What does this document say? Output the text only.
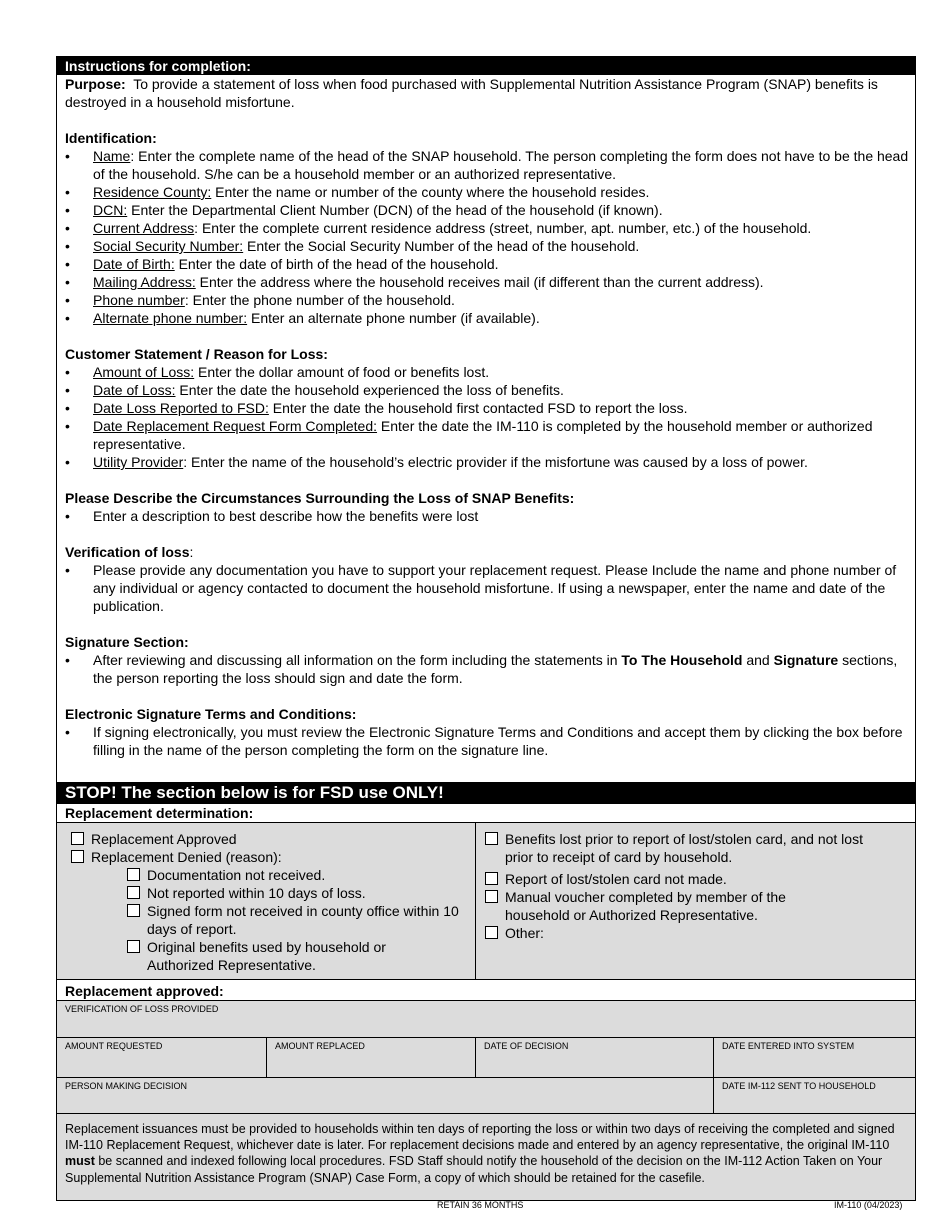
Instructions for completion:

Purpose: To provide a statement of loss when food purchased with Supplemental Nutrition Assistance Program (SNAP) benefits is destroyed in a household misfortune.

Identification:

•	Name: Enter the complete name of the head of the SNAP household. The person completing the form does not have to be the head of the household. S/he can be a household member or an authorized representative.
•	Residence County: Enter the name or number of the county where the household resides.
•	DCN: Enter the Departmental Client Number (DCN) of the head of the household (if known).
•	Current Address: Enter the complete current residence address (street, number, apt. number, etc.) of the household.
•	Social Security Number: Enter the Social Security Number of the head of the household.
•	Date of Birth: Enter the date of birth of the head of the household.
•	Mailing Address: Enter the address where the household receives mail (if different than the current address).
•	Phone number: Enter the phone number of the household.
•	Alternate phone number: Enter an alternate phone number (if available).

Customer Statement / Reason for Loss:

•	Amount of Loss: Enter the dollar amount of food or benefits lost.
•	Date of Loss: Enter the date the household experienced the loss of benefits.
•	Date Loss Reported to FSD: Enter the date the household first contacted FSD to report the loss.
•	Date Replacement Request Form Completed: Enter the date the IM-110 is completed by the household member or authorized representative.
•	Utility Provider: Enter the name of the household’s electric provider if the misfortune was caused by a loss of power.

Please Describe the Circumstances Surrounding the Loss of SNAP Benefits:

•	Enter a description to best describe how the benefits were lost

Verification of loss:

•	Please provide any documentation you have to support your replacement request. Please Include the name and phone number of any individual or agency contacted to document the household misfortune. If using a newspaper, enter the name and date of the publication.

Signature Section:

•	After reviewing and discussing all information on the form including the statements in To The Household and Signature sections, the person reporting the loss should sign and date the form.

Electronic Signature Terms and Conditions:

•	If signing electronically, you must review the Electronic Signature Terms and Conditions and accept them by clicking the box before filling in the name of the person completing the form on the signature line.
STOP! The section below is for FSD use ONLY!
Replacement determination:
Replacement Approved
Replacement Denied (reason):
Documentation not received.
Not reported within 10 days of loss.
Signed form not received in county office within 10 days of report.
Original benefits used by household or Authorized Representative.
Benefits lost prior to report of lost/stolen card, and not lost prior to receipt of card by household.
Report of lost/stolen card not made.
Manual voucher completed by member of the household or Authorized Representative.
Other:
Replacement approved:
VERIFICATION OF LOSS PROVIDED
AMOUNT REQUESTED	AMOUNT REPLACED	DATE OF DECISION	DATE ENTERED INTO SYSTEM
PERSON MAKING DECISION	DATE IM-112 SENT TO HOUSEHOLD
Replacement issuances must be provided to households within ten days of reporting the loss or within two days of receiving the completed and signed IM-110 Replacement Request, whichever date is later. For replacement decisions made and entered by an agency representative, the original IM-110 must be scanned and indexed following local procedures. FSD Staff should notify the household of the decision on the IM-112 Action Taken on Your Supplemental Nutrition Assistance Program (SNAP) Case Form, a copy of which should be retained for the casefile.
RETAIN 36 MONTHS	IM-110 (04/2023)
